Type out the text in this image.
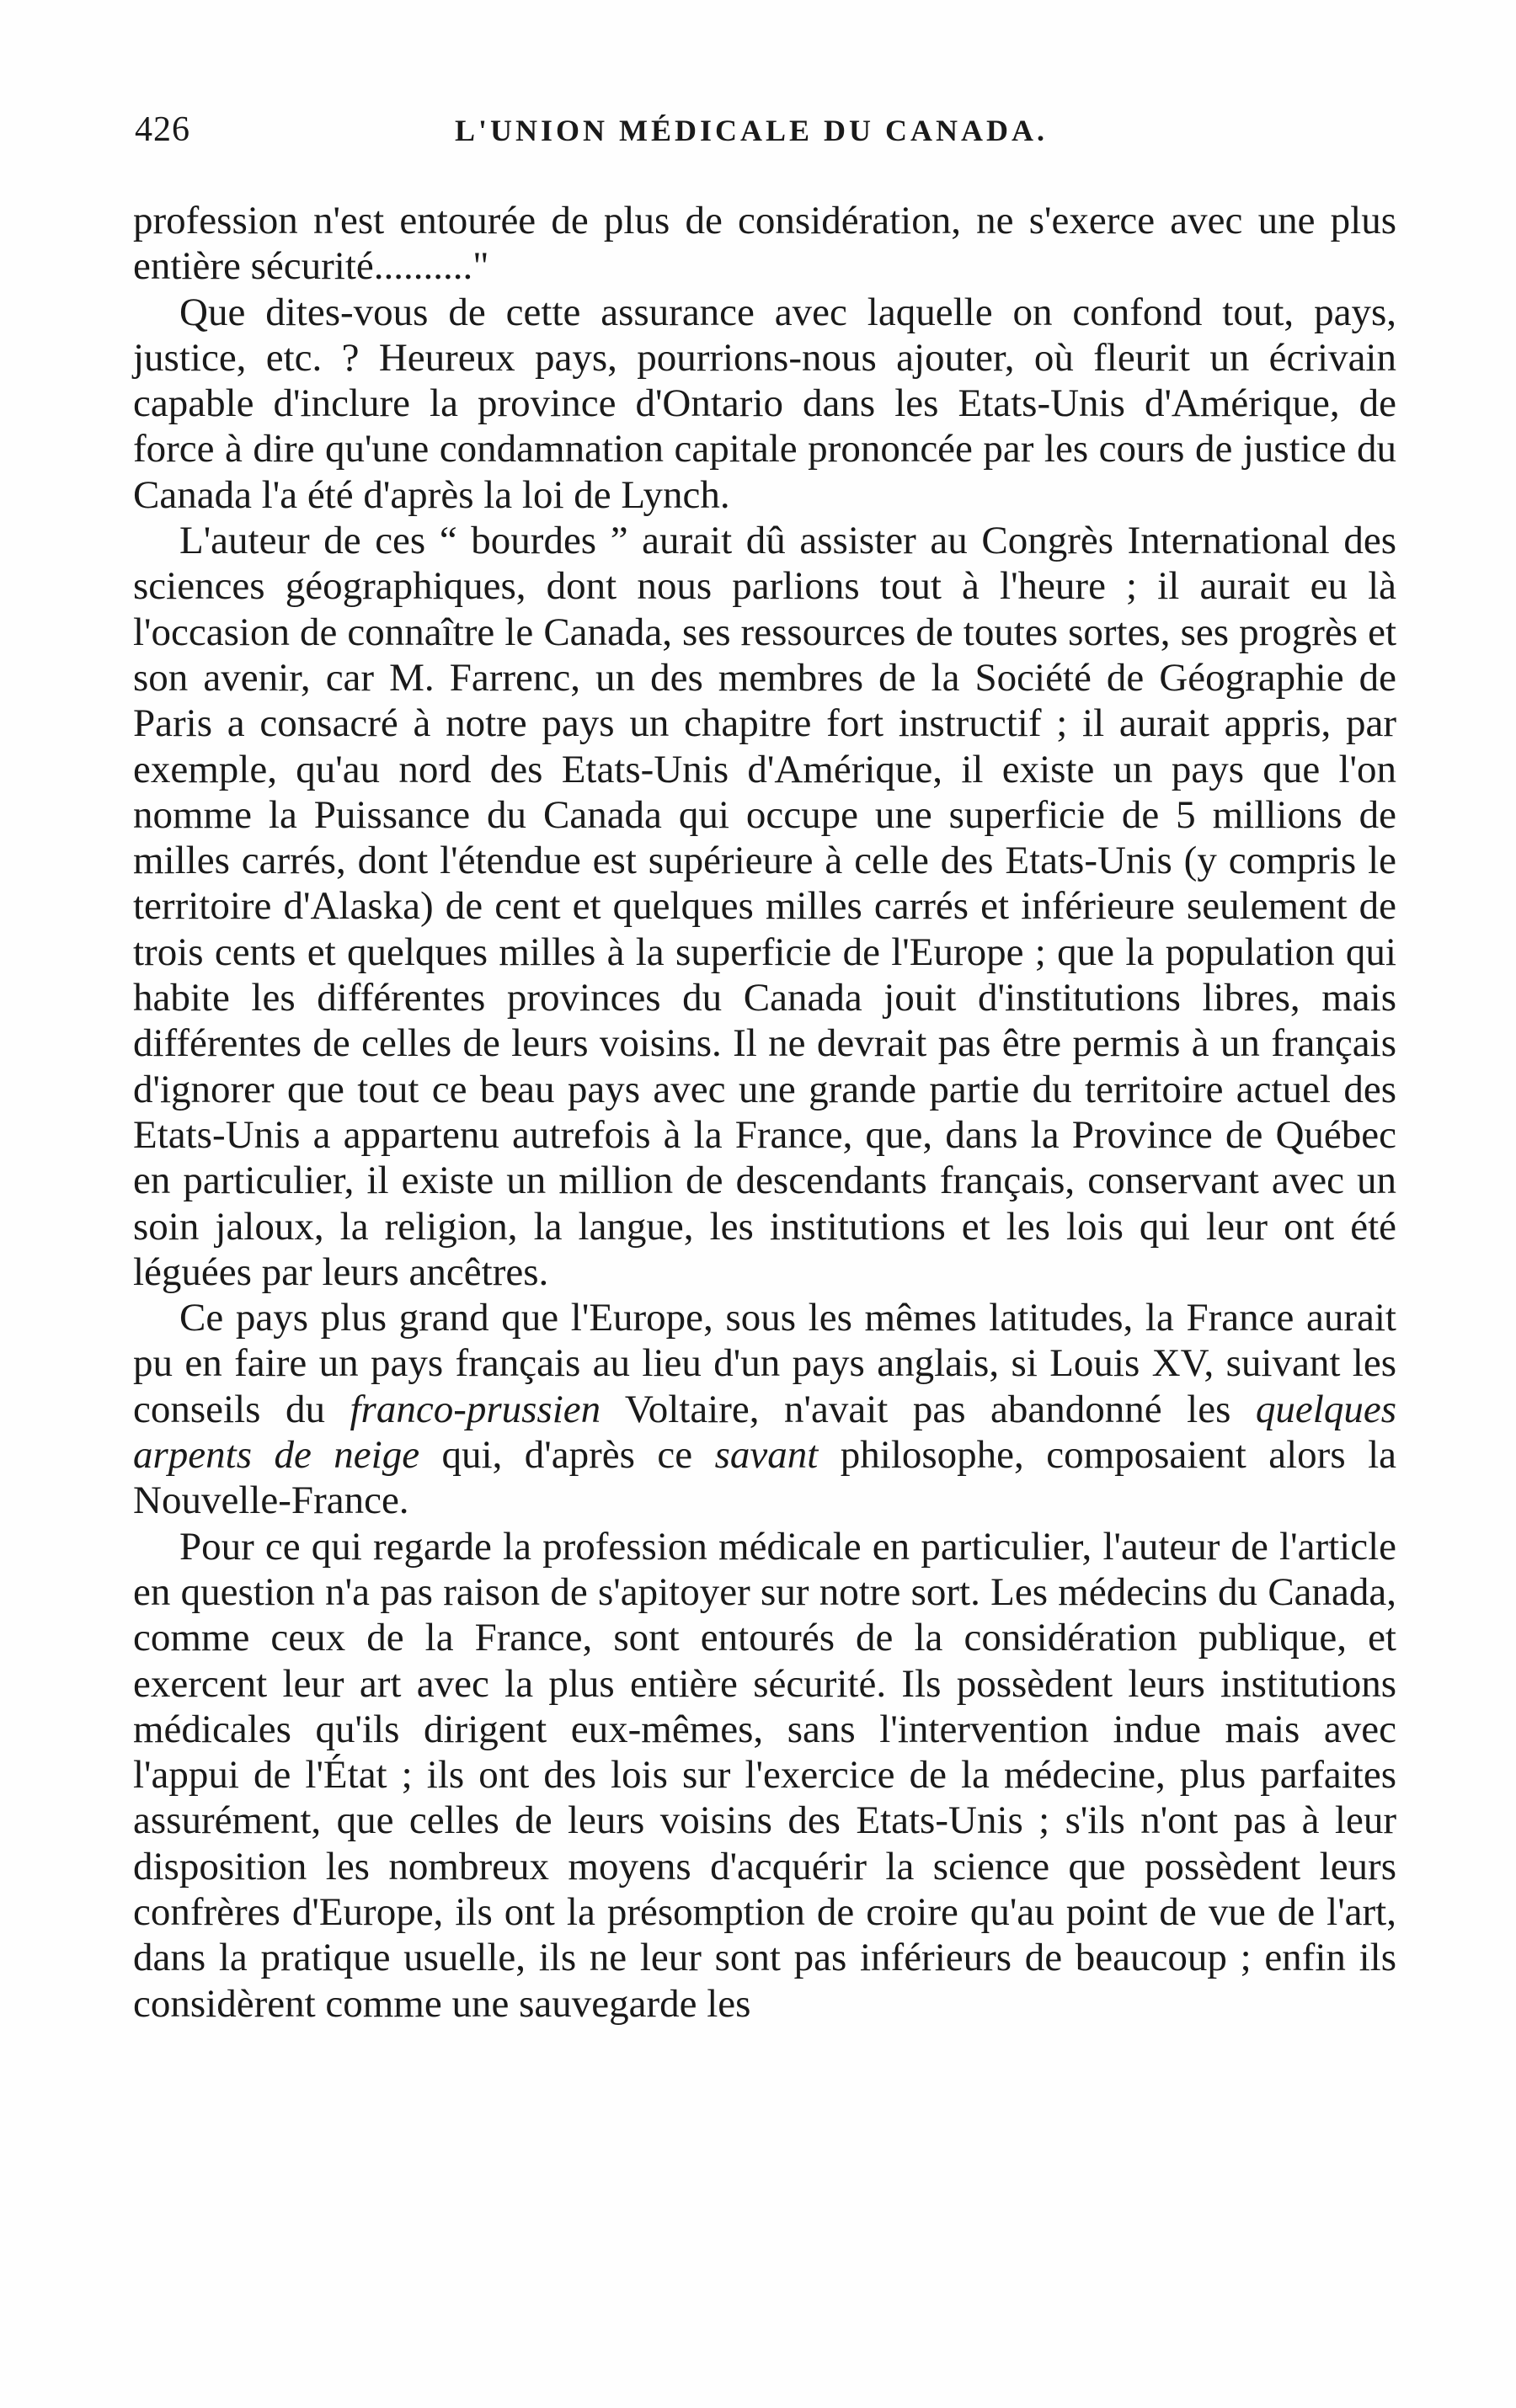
426	L'UNION MÉDICALE DU CANADA.

profession n'est entourée de plus de considération, ne s'exerce avec une plus entière sécurité.........."

Que dites-vous de cette assurance avec laquelle on confond tout, pays, justice, etc. ? Heureux pays, pourrions-nous ajouter, où fleurit un écrivain capable d'inclure la province d'Ontario dans les Etats-Unis d'Amérique, de force à dire qu'une condamnation capitale prononcée par les cours de justice du Canada l'a été d'après la loi de Lynch.

L'auteur de ces “ bourdes ” aurait dû assister au Congrès International des sciences géographiques, dont nous parlions tout à l'heure ; il aurait eu là l'occasion de connaître le Canada, ses ressources de toutes sortes, ses progrès et son avenir, car M. Farrenc, un des membres de la Société de Géographie de Paris a consacré à notre pays un chapitre fort instructif ; il aurait appris, par exemple, qu'au nord des Etats-Unis d'Amérique, il existe un pays que l'on nomme la Puissance du Canada qui occupe une superficie de 5 millions de milles carrés, dont l'étendue est supérieure à celle des Etats-Unis (y compris le territoire d'Alaska) de cent et quelques milles carrés et inférieure seulement de trois cents et quelques milles à la superficie de l'Europe ; que la population qui habite les différentes provinces du Canada jouit d'institutions libres, mais différentes de celles de leurs voisins. Il ne devrait pas être permis à un français d'ignorer que tout ce beau pays avec une grande partie du territoire actuel des Etats-Unis a appartenu autrefois à la France, que, dans la Province de Québec en particulier, il existe un million de descendants français, conservant avec un soin jaloux, la religion, la langue, les institutions et les lois qui leur ont été léguées par leurs ancêtres.

Ce pays plus grand que l'Europe, sous les mêmes latitudes, la France aurait pu en faire un pays français au lieu d'un pays anglais, si Louis XV, suivant les conseils du franco-prussien Voltaire, n'avait pas abandonné les quelques arpents de neige qui, d'après ce savant philosophe, composaient alors la Nouvelle-France.

Pour ce qui regarde la profession médicale en particulier, l'auteur de l'article en question n'a pas raison de s'apitoyer sur notre sort. Les médecins du Canada, comme ceux de la France, sont entourés de la considération publique, et exercent leur art avec la plus entière sécurité. Ils possèdent leurs institutions médicales qu'ils dirigent eux-mêmes, sans l'intervention indue mais avec l'appui de l'État ; ils ont des lois sur l'exercice de la médecine, plus parfaites assurément, que celles de leurs voisins des Etats-Unis ; s'ils n'ont pas à leur disposition les nombreux moyens d'acquérir la science que possèdent leurs confrères d'Europe, ils ont la présomption de croire qu'au point de vue de l'art, dans la pratique usuelle, ils ne leur sont pas inférieurs de beaucoup ; enfin ils considèrent comme une sauvegarde les
